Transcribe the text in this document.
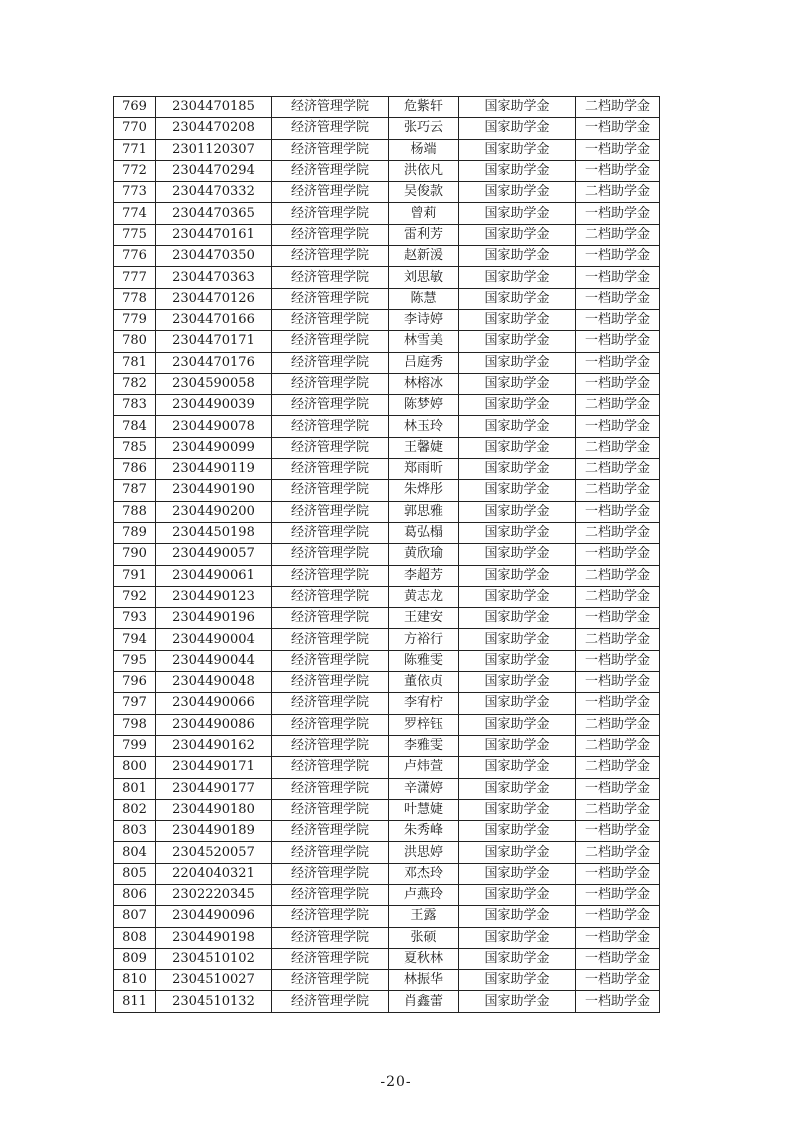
769	2304470185	经济管理学院	危紫轩	国家助学金	二档助学金
770	2304470208	经济管理学院	张巧云	国家助学金	一档助学金
771	2301120307	经济管理学院	杨端	国家助学金	一档助学金
772	2304470294	经济管理学院	洪依凡	国家助学金	一档助学金
773	2304470332	经济管理学院	吴俊款	国家助学金	二档助学金
774	2304470365	经济管理学院	曾莉	国家助学金	一档助学金
775	2304470161	经济管理学院	雷利芳	国家助学金	二档助学金
776	2304470350	经济管理学院	赵新湲	国家助学金	一档助学金
777	2304470363	经济管理学院	刘思敏	国家助学金	一档助学金
778	2304470126	经济管理学院	陈慧	国家助学金	一档助学金
779	2304470166	经济管理学院	李诗婷	国家助学金	一档助学金
780	2304470171	经济管理学院	林雪美	国家助学金	一档助学金
781	2304470176	经济管理学院	吕庭秀	国家助学金	一档助学金
782	2304590058	经济管理学院	林榕冰	国家助学金	一档助学金
783	2304490039	经济管理学院	陈梦婷	国家助学金	二档助学金
784	2304490078	经济管理学院	林玉玲	国家助学金	一档助学金
785	2304490099	经济管理学院	王馨婕	国家助学金	二档助学金
786	2304490119	经济管理学院	郑雨昕	国家助学金	二档助学金
787	2304490190	经济管理学院	朱烨彤	国家助学金	二档助学金
788	2304490200	经济管理学院	郭思雅	国家助学金	一档助学金
789	2304450198	经济管理学院	葛弘榻	国家助学金	二档助学金
790	2304490057	经济管理学院	黄欣瑜	国家助学金	一档助学金
791	2304490061	经济管理学院	李超芳	国家助学金	二档助学金
792	2304490123	经济管理学院	黄志龙	国家助学金	二档助学金
793	2304490196	经济管理学院	王建安	国家助学金	一档助学金
794	2304490004	经济管理学院	方裕行	国家助学金	二档助学金
795	2304490044	经济管理学院	陈雅雯	国家助学金	一档助学金
796	2304490048	经济管理学院	董依贞	国家助学金	一档助学金
797	2304490066	经济管理学院	李宥柠	国家助学金	一档助学金
798	2304490086	经济管理学院	罗梓钰	国家助学金	二档助学金
799	2304490162	经济管理学院	李雅雯	国家助学金	二档助学金
800	2304490171	经济管理学院	卢炜萱	国家助学金	二档助学金
801	2304490177	经济管理学院	辛潇婷	国家助学金	一档助学金
802	2304490180	经济管理学院	叶慧婕	国家助学金	二档助学金
803	2304490189	经济管理学院	朱秀峰	国家助学金	一档助学金
804	2304520057	经济管理学院	洪思婷	国家助学金	二档助学金
805	2204040321	经济管理学院	邓杰玲	国家助学金	一档助学金
806	2302220345	经济管理学院	卢燕玲	国家助学金	一档助学金
807	2304490096	经济管理学院	王露	国家助学金	一档助学金
808	2304490198	经济管理学院	张硕	国家助学金	一档助学金
809	2304510102	经济管理学院	夏秋林	国家助学金	一档助学金
810	2304510027	经济管理学院	林振华	国家助学金	一档助学金
811	2304510132	经济管理学院	肖鑫蕾	国家助学金	一档助学金
-20-
